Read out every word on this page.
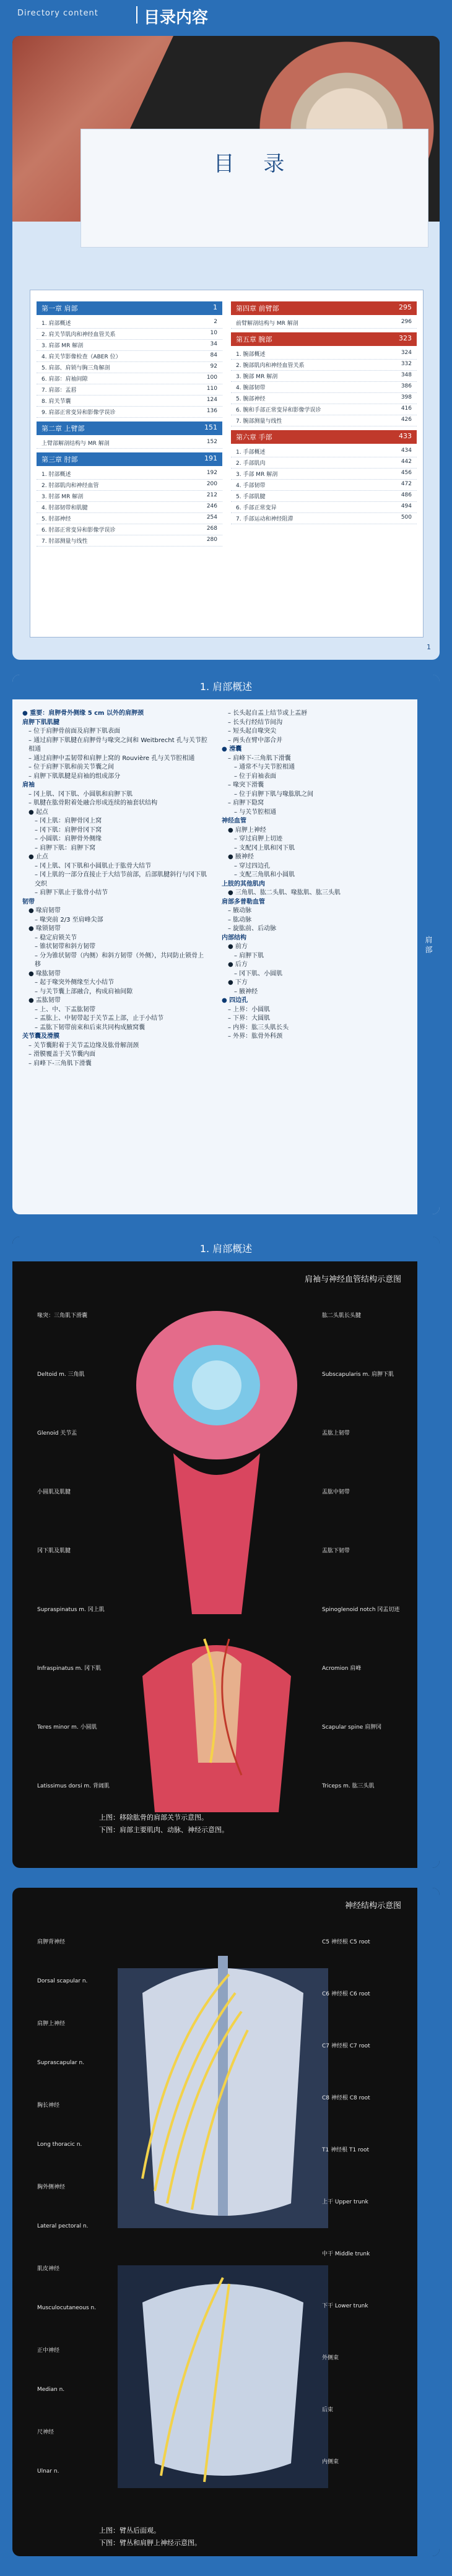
Directory content	目录内容
目 录
第一章 肩部	1
1. 肩部概述	2
2. 肩关节肌肉和神经血管关系	10
3. 肩部 MR 解剖	34
4. 肩关节影像检查（ABER 位）	84
5. 肩部、肩锁与胸三角解剖	92
6. 肩部：肩袖间隙	100
7. 肩部：盂唇	110
8. 肩关节囊	124
9. 肩部正常变异和影像学误诊	136
第二章 上臂部	151
上臂部解剖结构与 MR 解剖	152
第三章 肘部	191
1. 肘部概述	192
2. 肘部肌肉和神经血管	200
3. 肘部 MR 解剖	212
4. 肘部韧带和肌腱	246
5. 肘部神经	254
6. 肘部正常变异和影像学误诊	268
7. 肘部测量与线性	280
第四章 前臂部	295
前臂解剖结构与 MR 解剖	296
第五章 腕部	323
1. 腕部概述	324
2. 腕部肌肉和神经血管关系	332
3. 腕部 MR 解剖	348
4. 腕部韧带	386
5. 腕部神经	398
6. 腕和手部正常变异和影像学误诊	416
7. 腕部测量与线性	426
第六章 手部	433
1. 手部概述	434
2. 手部肌肉	442
3. 手部 MR 解剖	456
4. 手部韧带	472
5. 手部肌腱	486
6. 手部正常变异	494
7. 手部运动和神经阻滞	500
1
1. 肩部概述
肩 部
● 重要：肩胛骨外侧缘 5 cm 以外的肩胛颈
肩胛下肌肌腱
– 位于肩胛骨前面及肩胛下肌表面
– 通过肩胛下肌腱在肩胛骨与喙突之间和 Weitbrecht 孔与关节腔相通
– 通过肩胛中盂韧带和肩胛上窝的 Rouvière 孔与关节腔相通
– 位于肩胛下肌和前关节囊之间
– 肩胛下肌肌腱是肩袖的组成部分
肩袖
– 冈上肌、冈下肌、小圆肌和肩胛下肌
– 肌腱在肱骨附着处融合形成连续的袖套状结构
● 起点
– 冈上肌：肩胛骨冈上窝
– 冈下肌：肩胛骨冈下窝
– 小圆肌：肩胛骨外侧缘
– 肩胛下肌：肩胛下窝
● 止点
– 冈上肌、冈下肌和小圆肌止于肱骨大结节
– 冈上肌的一部分直接止于大结节前部，后部肌腱斜行与冈下肌交织
– 肩胛下肌止于肱骨小结节
韧带
● 喙肩韧带
– 喙突前 2/3 至肩峰尖部
● 喙锁韧带
– 稳定肩锁关节
– 锥状韧带和斜方韧带
– 分为锥状韧带（内侧）和斜方韧带（外侧），共同防止锁骨上移
● 喙肱韧带
– 起于喙突外侧缘至大小结节
– 与关节囊上部融合，构成肩袖间隙
● 盂肱韧带
– 上、中、下盂肱韧带
– 盂肱上、中韧带起于关节盂上部，止于小结节
– 盂肱下韧带前束和后束共同构成腋窝囊
关节囊及滑膜
– 关节囊附着于关节盂边缘及肱骨解剖颈
– 滑膜覆盖于关节囊内面
– 肩峰下-三角肌下滑囊
– 长头起自盂上结节或上盂唇
– 长头行经结节间沟
– 短头起自喙突尖
– 两头在臂中部合并
● 滑囊
– 肩峰下-三角肌下滑囊
– 通常不与关节腔相通
– 位于肩袖表面
– 喙突下滑囊
– 位于肩胛下肌与喙肱肌之间
– 肩胛下隐窝
– 与关节腔相通
神经血管
● 肩胛上神经
– 穿过肩胛上切迹
– 支配冈上肌和冈下肌
● 腋神经
– 穿过四边孔
– 支配三角肌和小圆肌
上肢的其他肌肉
● 三角肌、肱二头肌、喙肱肌、肱三头肌
肩部多普勒血管
– 腋动脉
– 肱动脉
– 旋肱前、后动脉
内部结构
● 前方
– 肩胛下肌
● 后方
– 冈下肌、小圆肌
● 下方
– 腋神经
● 四边孔
– 上界：小圆肌
– 下界：大圆肌
– 内界：肱三头肌长头
– 外界：肱骨外科颈
1. 肩部概述
肩袖与神经血管结构示意图
喙突：三角肌下滑囊
Deltoid m. 三角肌
Glenoid 关节盂
小圆肌及肌腱
冈下肌及肌腱
Supraspinatus m. 冈上肌
Infraspinatus m. 冈下肌
Teres minor m. 小圆肌
Latissimus dorsi m. 背阔肌
肱二头肌长头腱
Subscapularis m. 肩胛下肌
盂肱上韧带
盂肱中韧带
盂肱下韧带
Spinoglenoid notch 冈盂切迹
Acromion 肩峰
Scapular spine 肩胛冈
Triceps m. 肱三头肌
上图：移除肱骨的肩部关节示意图。
下图：肩部主要肌肉、动脉、神经示意图。
神经结构示意图
肩胛背神经
Dorsal scapular n.
肩胛上神经
Suprascapular n.
胸长神经
Long thoracic n.
胸外侧神经
Lateral pectoral n.
肌皮神经
Musculocutaneous n.
正中神经
Median n.
尺神经
Ulnar n.
C5 神经根 C5 root
C6 神经根 C6 root
C7 神经根 C7 root
C8 神经根 C8 root
T1 神经根 T1 root
上干 Upper trunk
中干 Middle trunk
下干 Lower trunk
外侧束
后束
内侧束
上图：臂丛后面观。
下图：臂丛和肩胛上神经示意图。
